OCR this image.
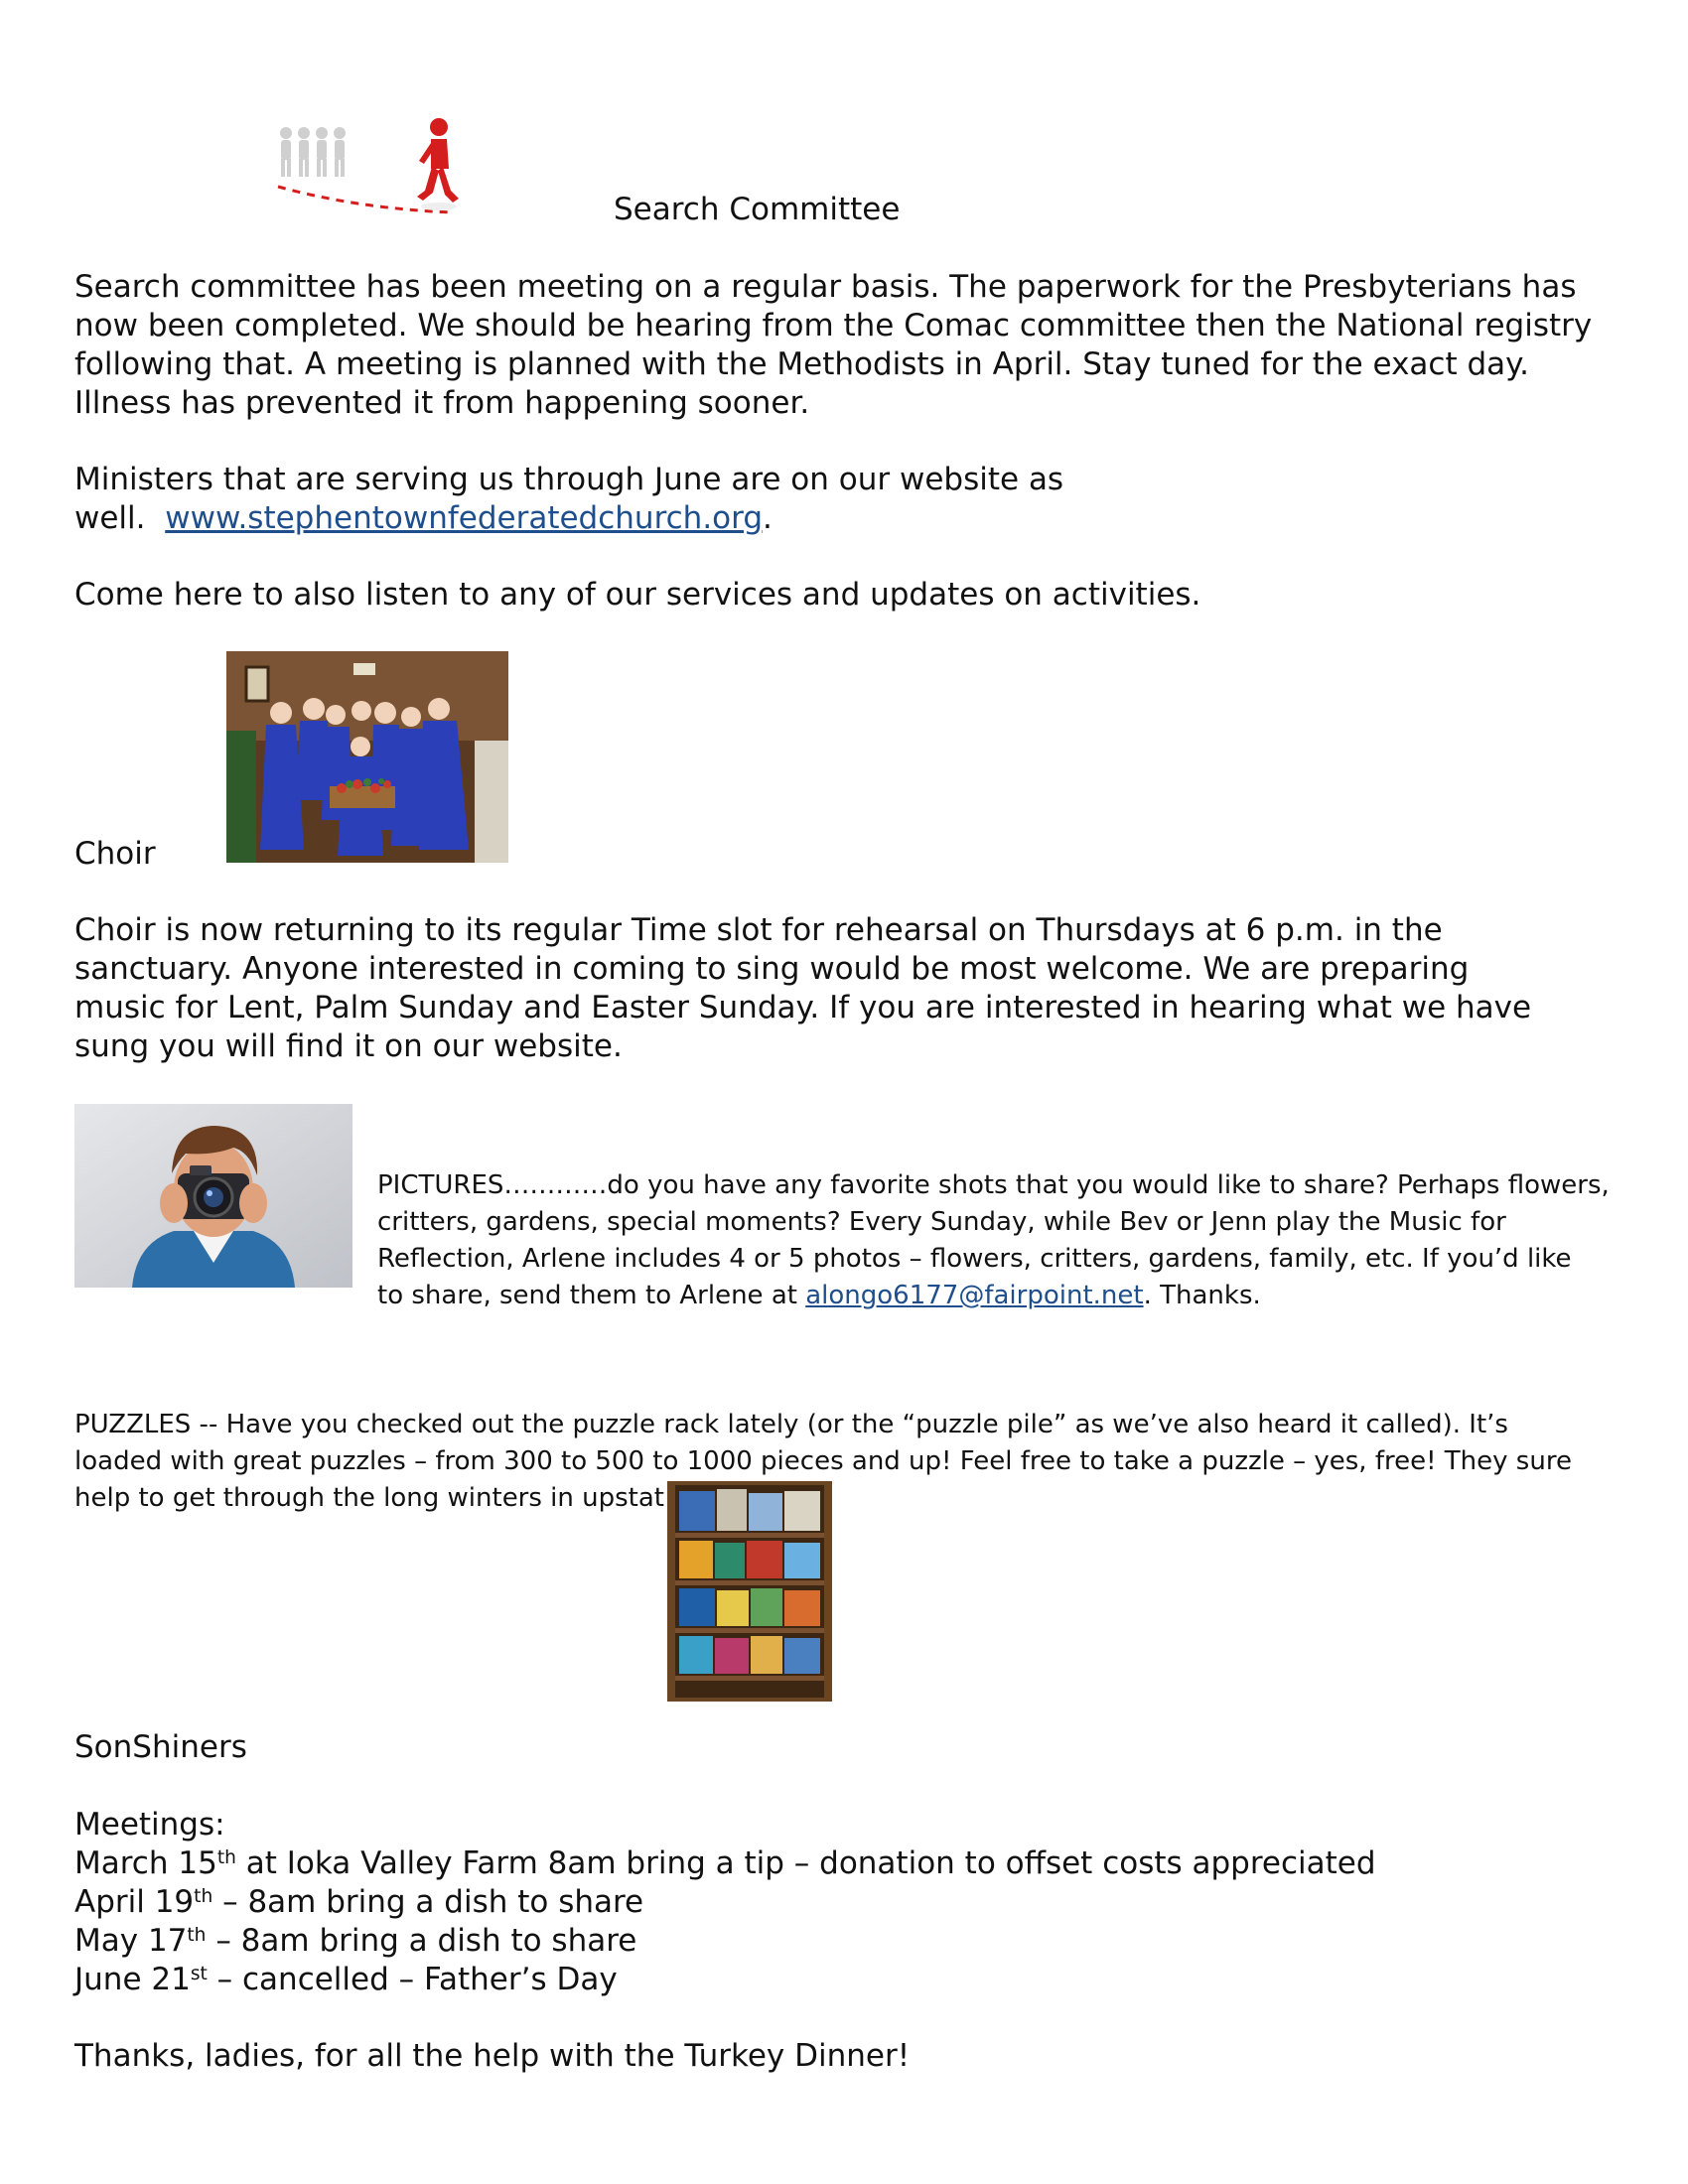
Search Committee
Search committee has been meeting on a regular basis. The paperwork for the Presbyterians has
now been completed. We should be hearing from the Comac committee then the National registry
following that. A meeting is planned with the Methodists in April. Stay tuned for the exact day.
Illness has prevented it from happening sooner.
Ministers that are serving us through June are on our website as
well. www.stephentownfederatedchurch.org.
Come here to also listen to any of our services and updates on activities.
Choir
Choir is now returning to its regular Time slot for rehearsal on Thursdays at 6 p.m. in the
sanctuary. Anyone interested in coming to sing would be most welcome. We are preparing
music for Lent, Palm Sunday and Easter Sunday. If you are interested in hearing what we have
sung you will find it on our website.
PICTURES…………do you have any favorite shots that you would like to share? Perhaps flowers,
critters, gardens, special moments? Every Sunday, while Bev or Jenn play the Music for
Reflection, Arlene includes 4 or 5 photos – flowers, critters, gardens, family, etc. If you’d like
to share, send them to Arlene at alongo6177@fairpoint.net. Thanks.
PUZZLES -- Have you checked out the puzzle rack lately (or the “puzzle pile” as we’ve also heard it called). It’s
loaded with great puzzles – from 300 to 500 to 1000 pieces and up! Feel free to take a puzzle – yes, free! They sure
help to get through the long winters in upstat
SonShiners
Meetings:
March 15th at Ioka Valley Farm 8am bring a tip – donation to offset costs appreciated
April 19th – 8am bring a dish to share
May 17th – 8am bring a dish to share
June 21st – cancelled – Father’s Day
Thanks, ladies, for all the help with the Turkey Dinner!
